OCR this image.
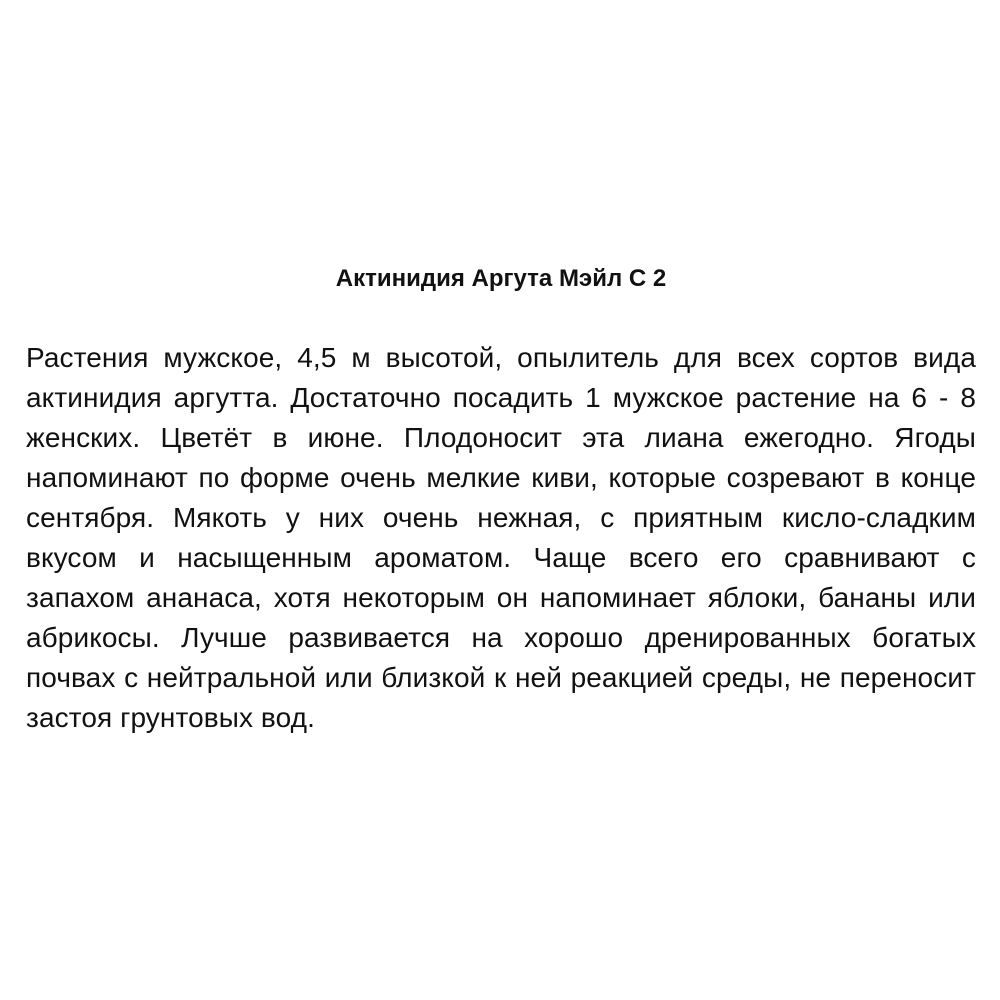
Актинидия Аргута Мэйл С 2

Растения мужское, 4,5 м высотой, опылитель для всех сортов вида актинидия аргутта. Достаточно посадить 1 мужское растение на 6 - 8 женских. Цветёт в июне. Плодоносит эта лиана ежегодно. Ягоды напоминают по форме очень мелкие киви, которые созревают в конце сентября. Мякоть у них очень нежная, с приятным кисло-сладким вкусом и насыщенным ароматом. Чаще всего его сравнивают с запахом ананаса, хотя некоторым он напоминает яблоки, бананы или абрикосы. Лучше развивается на хорошо дренированных богатых почвах с нейтральной или близкой к ней реакцией среды, не переносит застоя грунтовых вод.
